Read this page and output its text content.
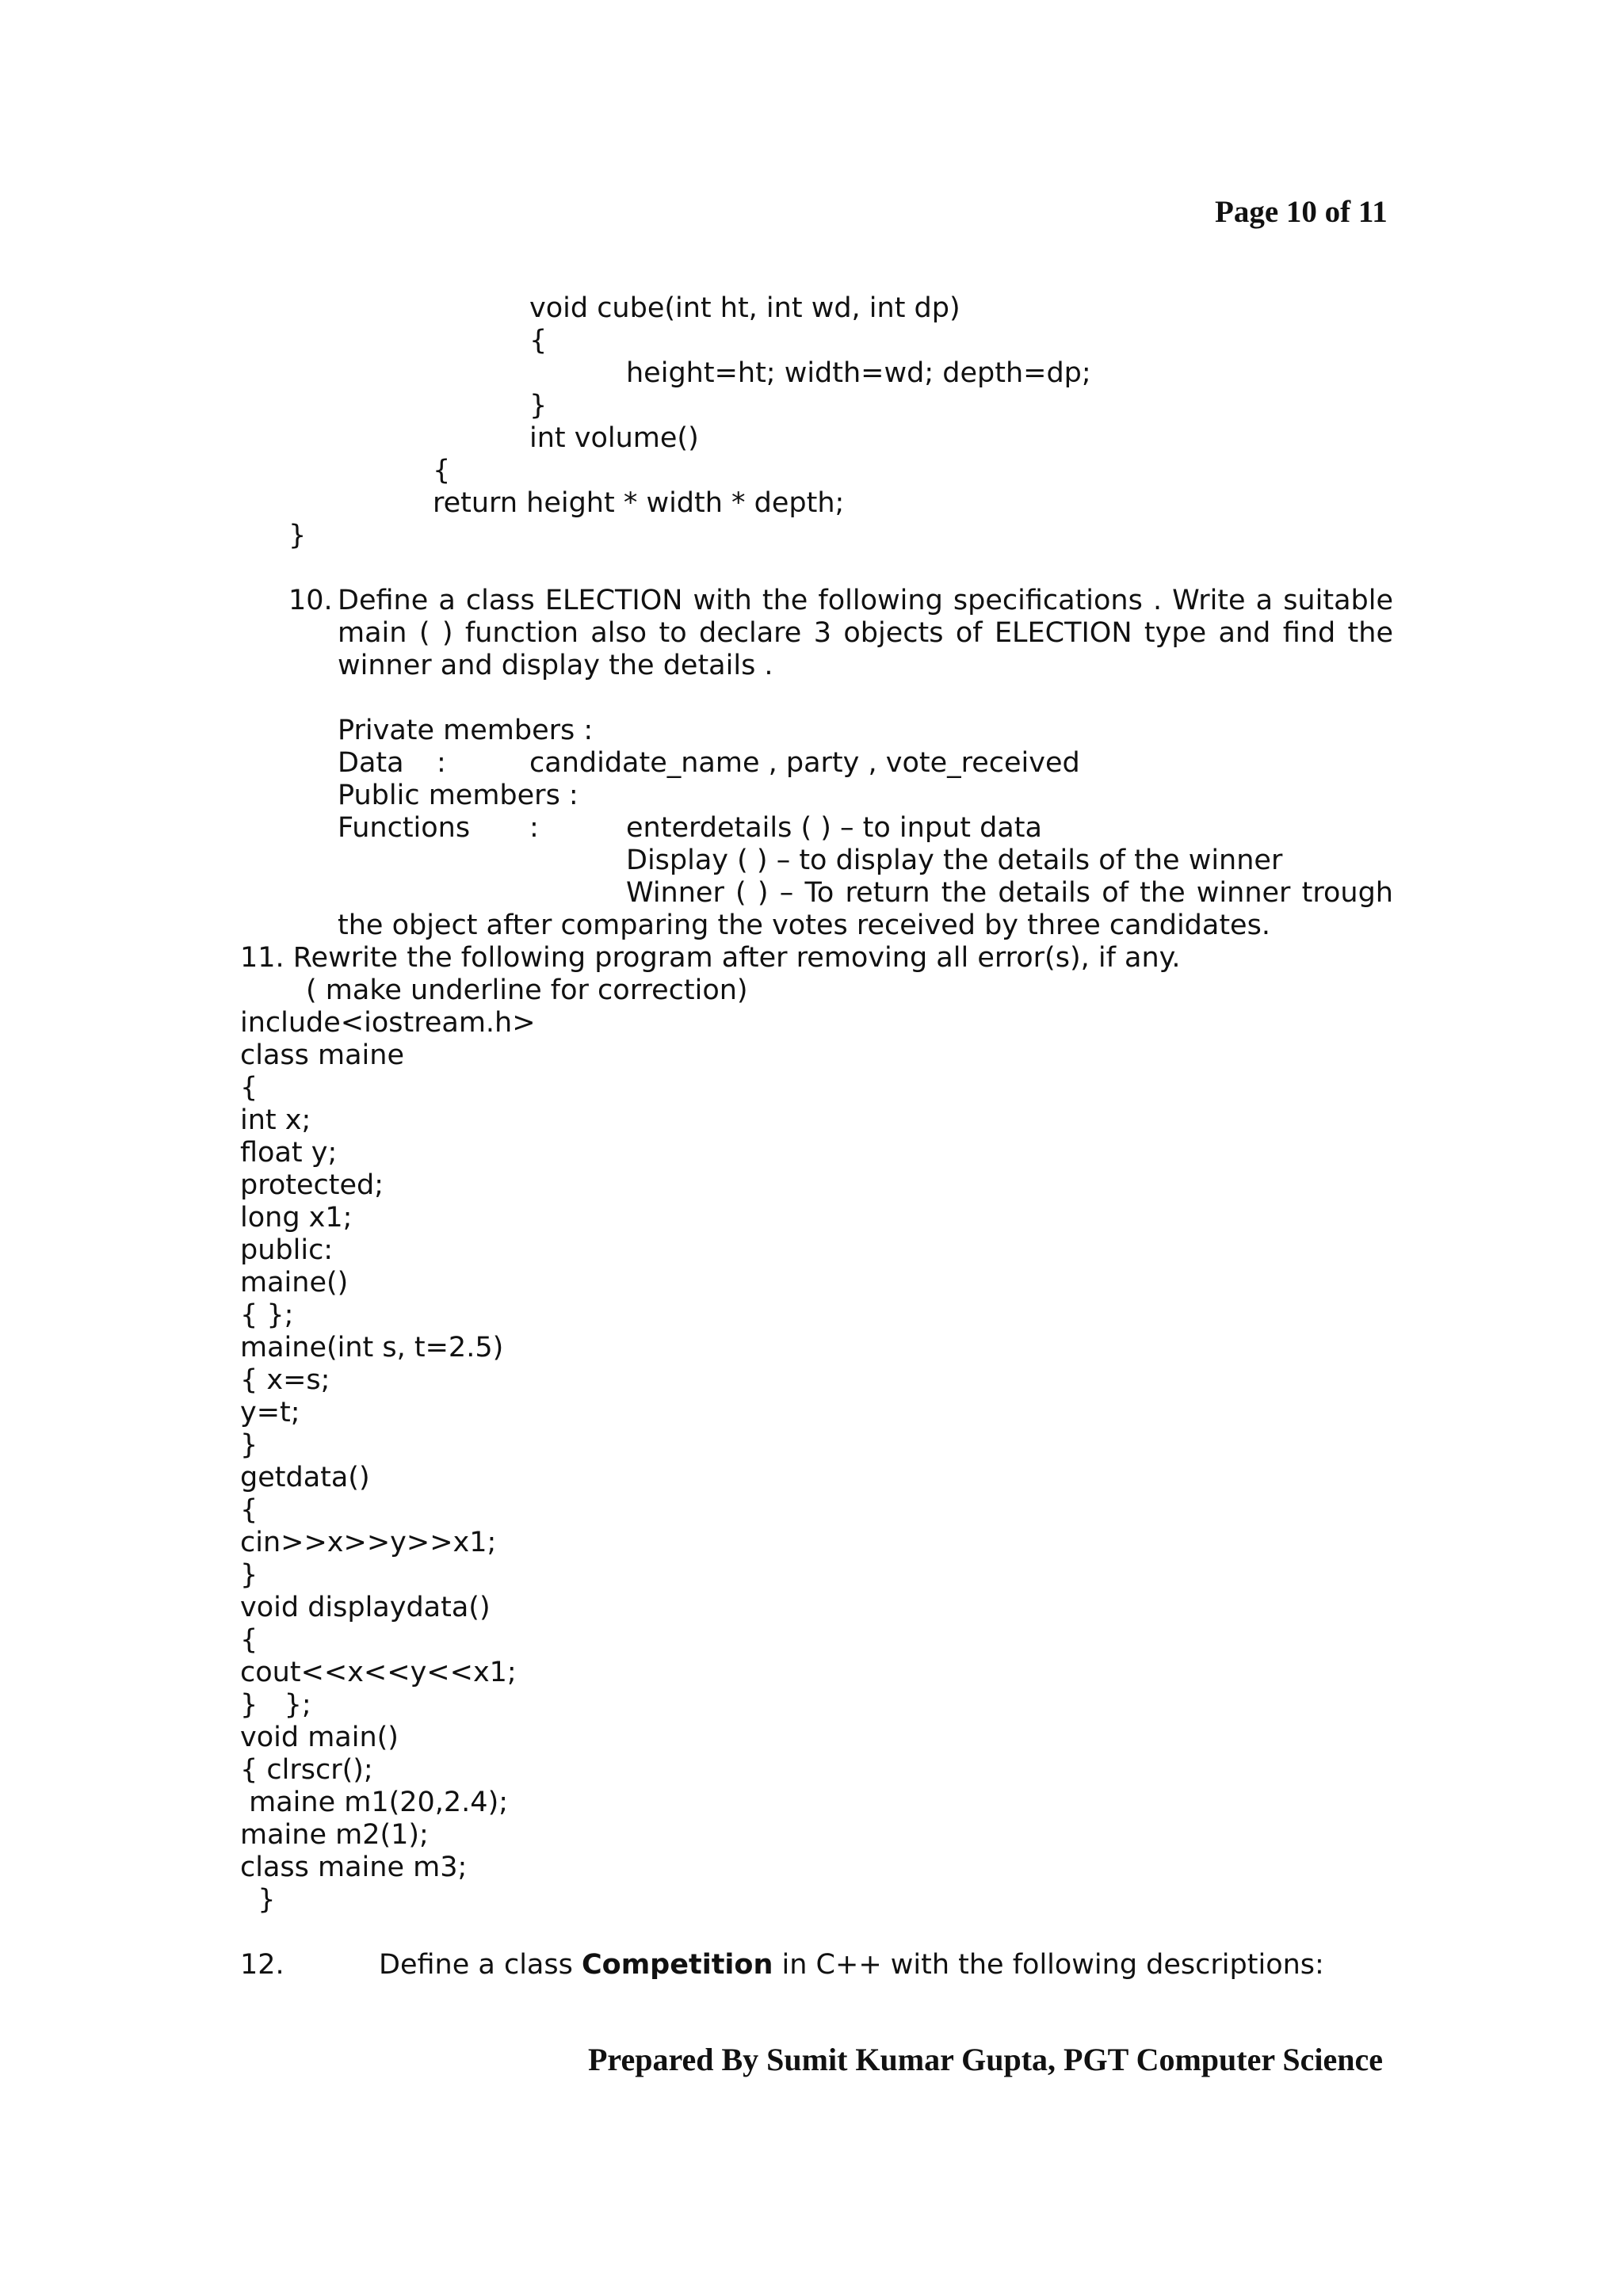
Page 10 of 11
void cube(int ht, int wd, int dp)
{
height=ht; width=wd; depth=dp;
}
int volume()
{
return height * width * depth;
}
10. Define a class ELECTION with the following specifications . Write a suitable
main ( ) function also to declare 3 objects of ELECTION type and find the
winner and display the details .
Private members :
Data :	candidate_name , party , vote_received
Public members :
Functions :	enterdetails ( ) – to input data
Display ( ) – to display the details of the winner
Winner ( ) – To return the details of the winner trough
the object after comparing the votes received by three candidates.
11. Rewrite the following program after removing all error(s), if any.
( make underline for correction)
include<iostream.h>
class maine
{
int x;
float y;
protected;
long x1;
public:
maine()
{ };
maine(int s, t=2.5)
{ x=s;
y=t;
}
getdata()
{
cin>>x>>y>>x1;
}
void displaydata()
{
cout<<x<<y<<x1;
}   };
void main()
{ clrscr();
maine m1(20,2.4);
maine m2(1);
class maine m3;
}
12.	Define a class Competition in C++ with the following descriptions:
Prepared By Sumit Kumar Gupta, PGT Computer Science
